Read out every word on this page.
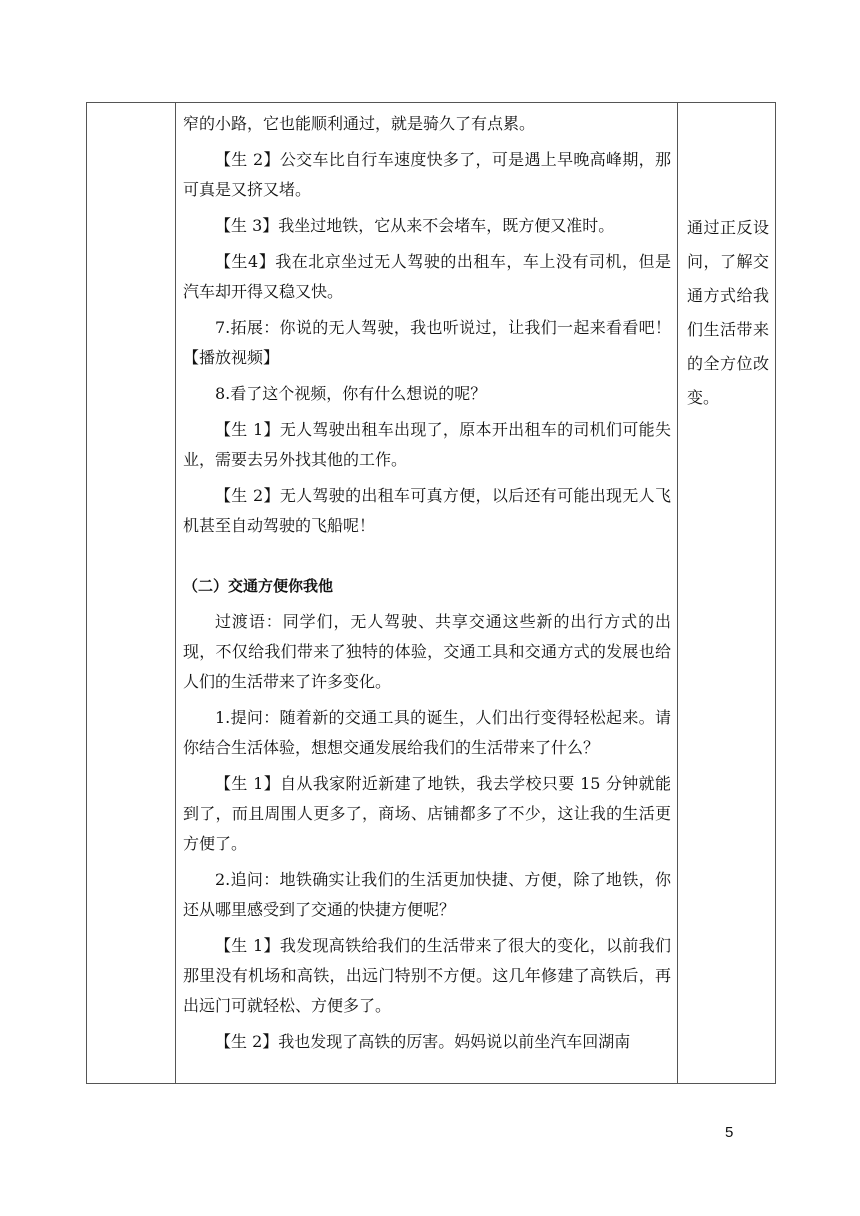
窄的小路，它也能顺利通过，就是骑久了有点累。

【生 2】公交车比自行车速度快多了，可是遇上早晚高峰期，那可真是又挤又堵。

【生 3】我坐过地铁，它从来不会堵车，既方便又准时。

【生4】我在北京坐过无人驾驶的出租车，车上没有司机，但是汽车却开得又稳又快。

7.拓展：你说的无人驾驶，我也听说过，让我们一起来看看吧！【播放视频】

8.看了这个视频，你有什么想说的呢？

【生 1】无人驾驶出租车出现了，原本开出租车的司机们可能失业，需要去另外找其他的工作。

【生 2】无人驾驶的出租车可真方便，以后还有可能出现无人飞机甚至自动驾驶的飞船呢！

（二）交通方便你我他

过渡语：同学们，无人驾驶、共享交通这些新的出行方式的出现，不仅给我们带来了独特的体验，交通工具和交通方式的发展也给人们的生活带来了许多变化。

1.提问：随着新的交通工具的诞生，人们出行变得轻松起来。请你结合生活体验，想想交通发展给我们的生活带来了什么？

【生 1】自从我家附近新建了地铁，我去学校只要 15 分钟就能到了，而且周围人更多了，商场、店铺都多了不少，这让我的生活更方便了。

2.追问：地铁确实让我们的生活更加快捷、方便，除了地铁，你还从哪里感受到了交通的快捷方便呢？

【生 1】我发现高铁给我们的生活带来了很大的变化，以前我们那里没有机场和高铁，出远门特别不方便。这几年修建了高铁后，再出远门可就轻松、方便多了。

【生 2】我也发现了高铁的厉害。妈妈说以前坐汽车回湖南

通过正反设问，了解交通方式给我们生活带来的全方位改变。

5
